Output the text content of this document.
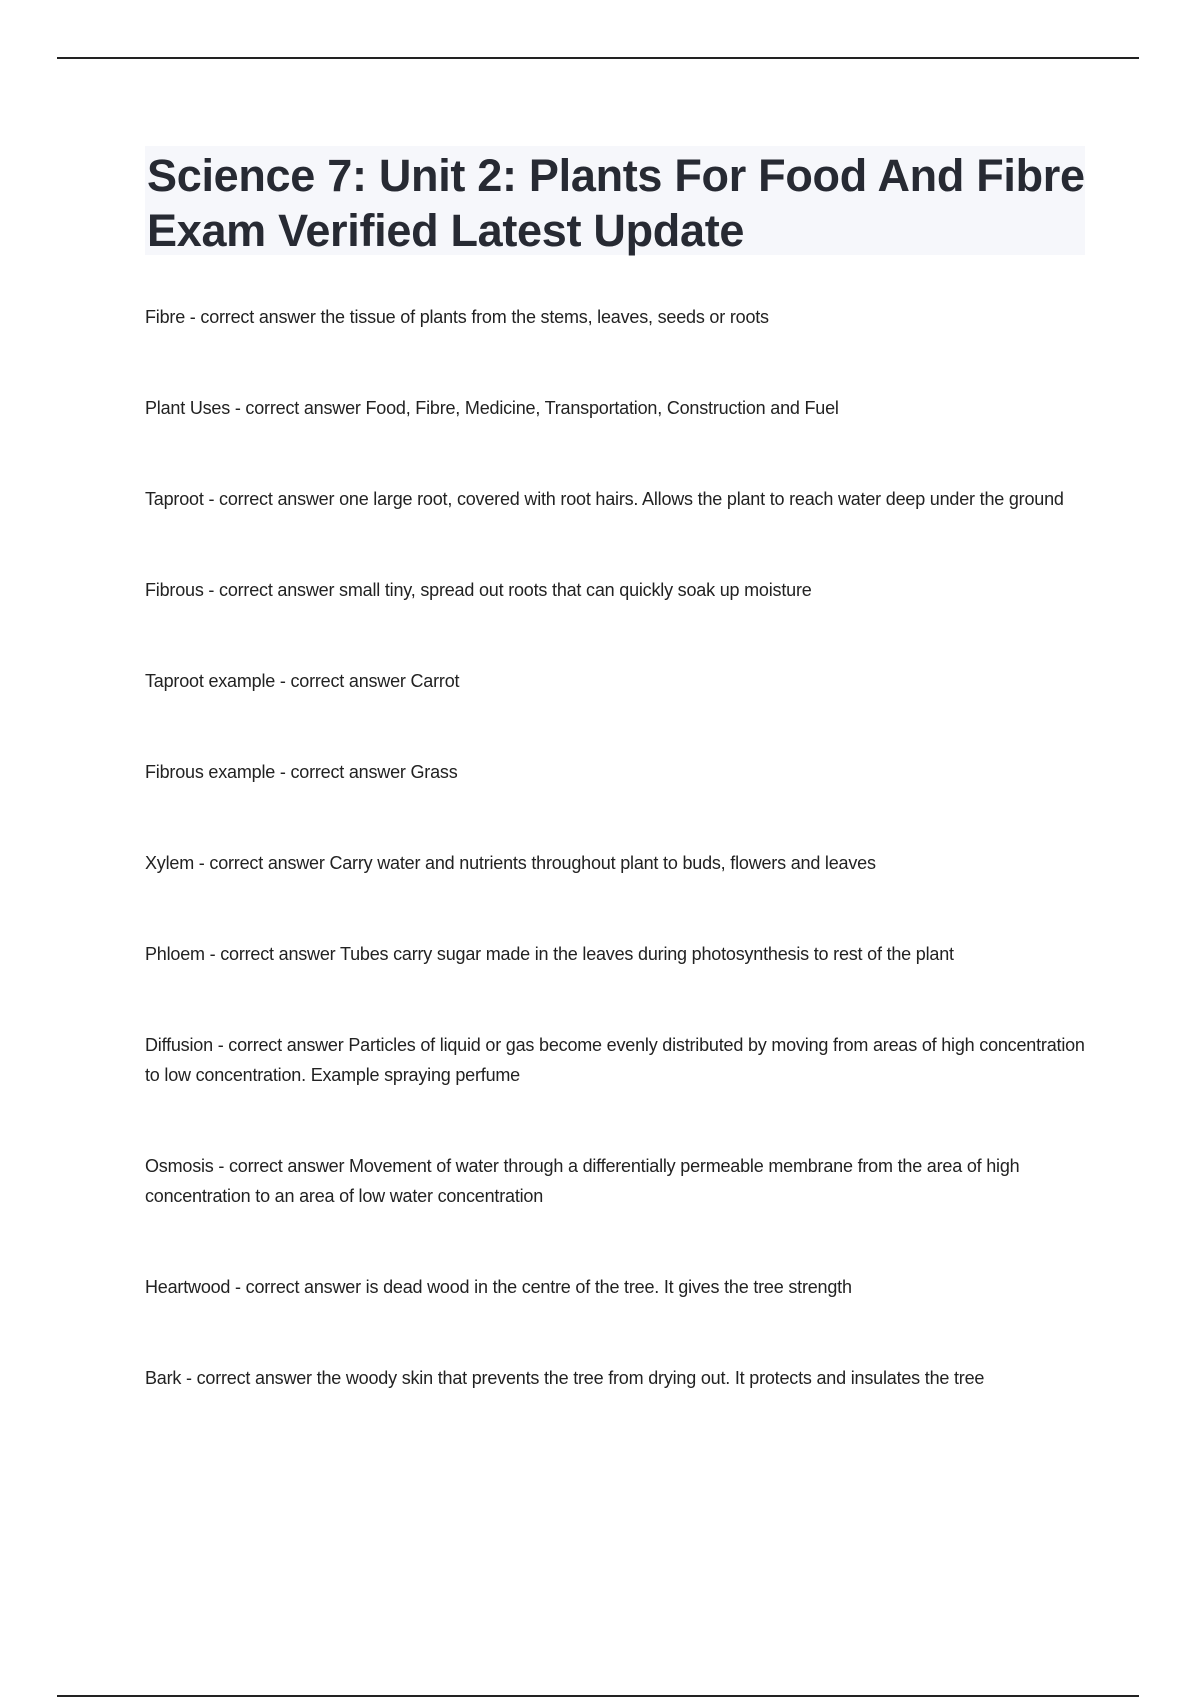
Science 7: Unit 2: Plants For Food And Fibre Exam Verified Latest Update

Fibre - correct answer the tissue of plants from the stems, leaves, seeds or roots

Plant Uses - correct answer Food, Fibre, Medicine, Transportation, Construction and Fuel

Taproot - correct answer one large root, covered with root hairs. Allows the plant to reach water deep under the ground

Fibrous - correct answer small tiny, spread out roots that can quickly soak up moisture

Taproot example - correct answer Carrot

Fibrous example - correct answer Grass

Xylem - correct answer Carry water and nutrients throughout plant to buds, flowers and leaves

Phloem - correct answer Tubes carry sugar made in the leaves during photosynthesis to rest of the plant

Diffusion - correct answer Particles of liquid or gas become evenly distributed by moving from areas of high concentration to low concentration. Example spraying perfume

Osmosis - correct answer Movement of water through a differentially permeable membrane from the area of high concentration to an area of low water concentration

Heartwood - correct answer is dead wood in the centre of the tree. It gives the tree strength

Bark - correct answer the woody skin that prevents the tree from drying out. It protects and insulates the tree
